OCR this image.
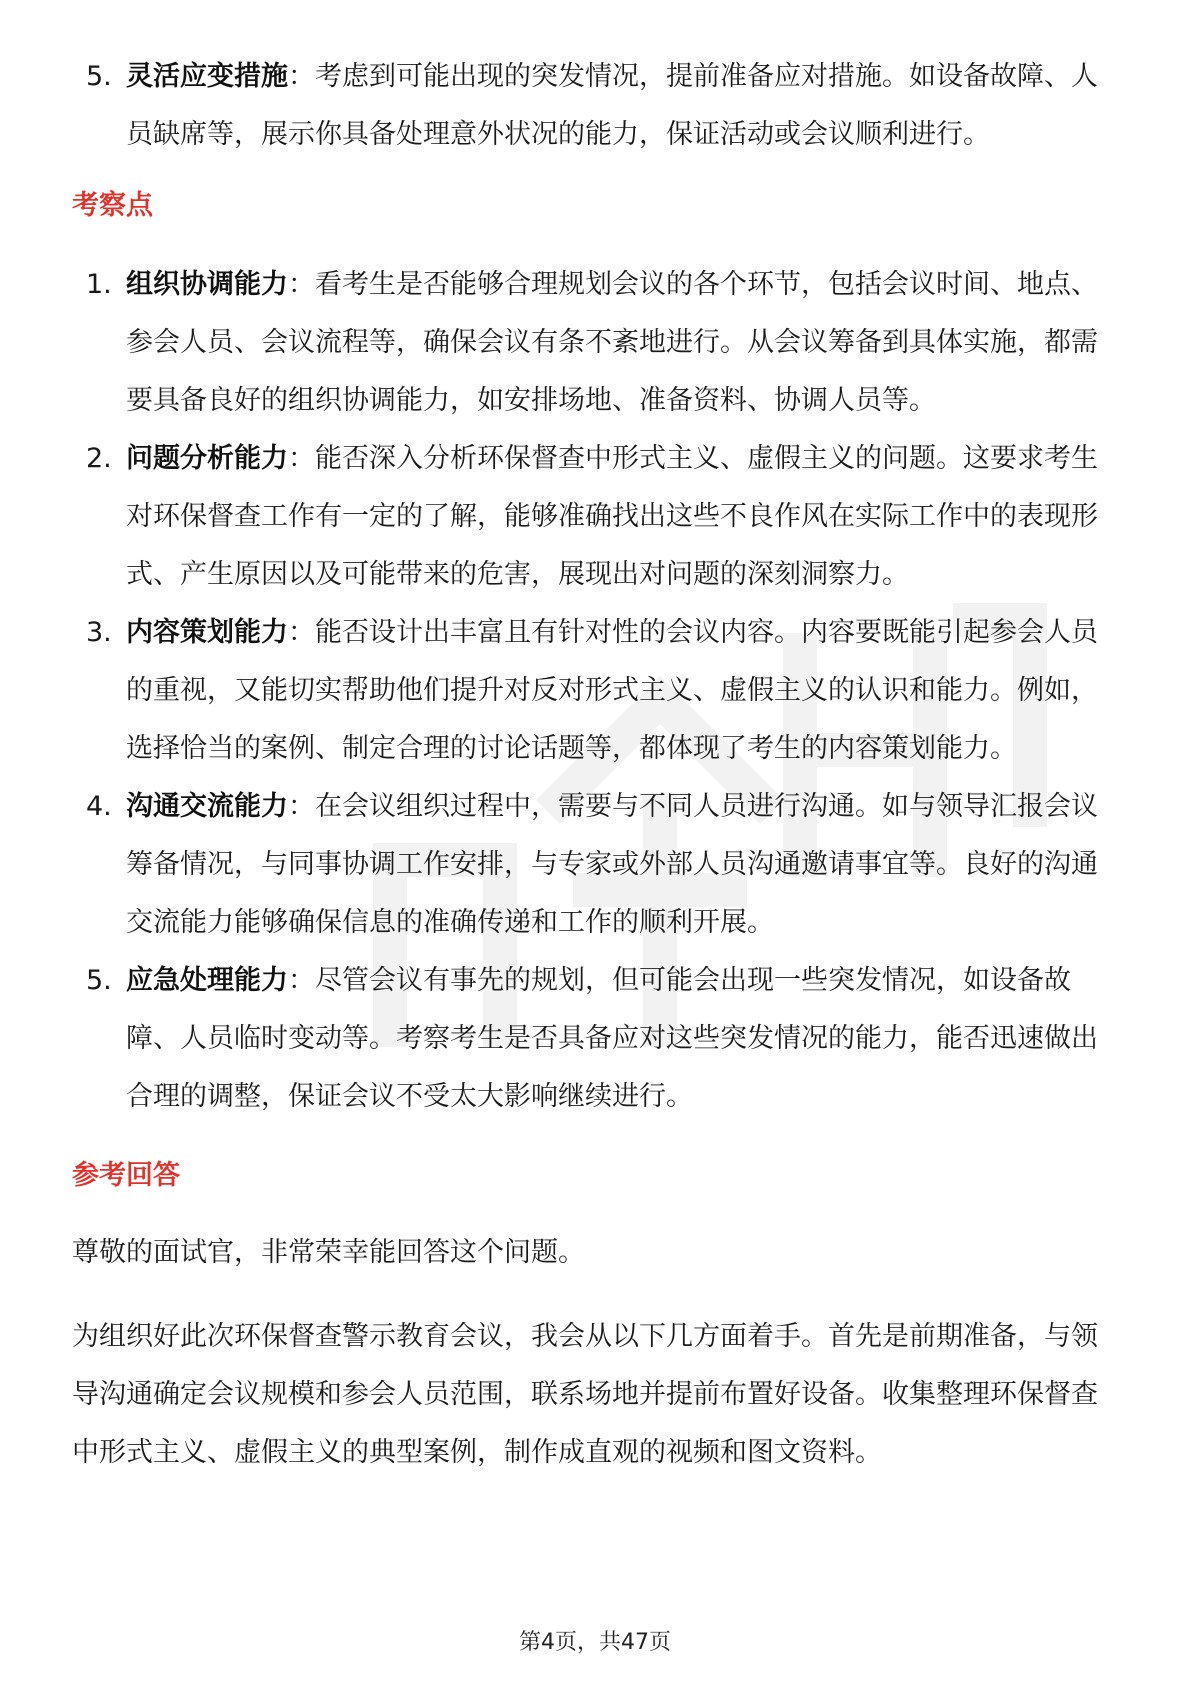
5. 灵活应变措施：考虑到可能出现的突发情况，提前准备应对措施。如设备故障、人员缺席等，展示你具备处理意外状况的能力，保证活动或会议顺利进行。
考察点
1. 组织协调能力：看考生是否能够合理规划会议的各个环节，包括会议时间、地点、参会人员、会议流程等，确保会议有条不紊地进行。从会议筹备到具体实施，都需要具备良好的组织协调能力，如安排场地、准备资料、协调人员等。
2. 问题分析能力：能否深入分析环保督查中形式主义、虚假主义的问题。这要求考生对环保督查工作有一定的了解，能够准确找出这些不良作风在实际工作中的表现形式、产生原因以及可能带来的危害，展现出对问题的深刻洞察力。
3. 内容策划能力：能否设计出丰富且有针对性的会议内容。内容要既能引起参会人员的重视，又能切实帮助他们提升对反对形式主义、虚假主义的认识和能力。例如，选择恰当的案例、制定合理的讨论话题等，都体现了考生的内容策划能力。
4. 沟通交流能力：在会议组织过程中，需要与不同人员进行沟通。如与领导汇报会议筹备情况，与同事协调工作安排，与专家或外部人员沟通邀请事宜等。良好的沟通交流能力能够确保信息的准确传递和工作的顺利开展。
5. 应急处理能力：尽管会议有事先的规划，但可能会出现一些突发情况，如设备故障、人员临时变动等。考察考生是否具备应对这些突发情况的能力，能否迅速做出合理的调整，保证会议不受太大影响继续进行。
参考回答

尊敬的面试官，非常荣幸能回答这个问题。

为组织好此次环保督查警示教育会议，我会从以下几方面着手。首先是前期准备，与领导沟通确定会议规模和参会人员范围，联系场地并提前布置好设备。收集整理环保督查中形式主义、虚假主义的典型案例，制作成直观的视频和图文资料。

第4页，共47页
